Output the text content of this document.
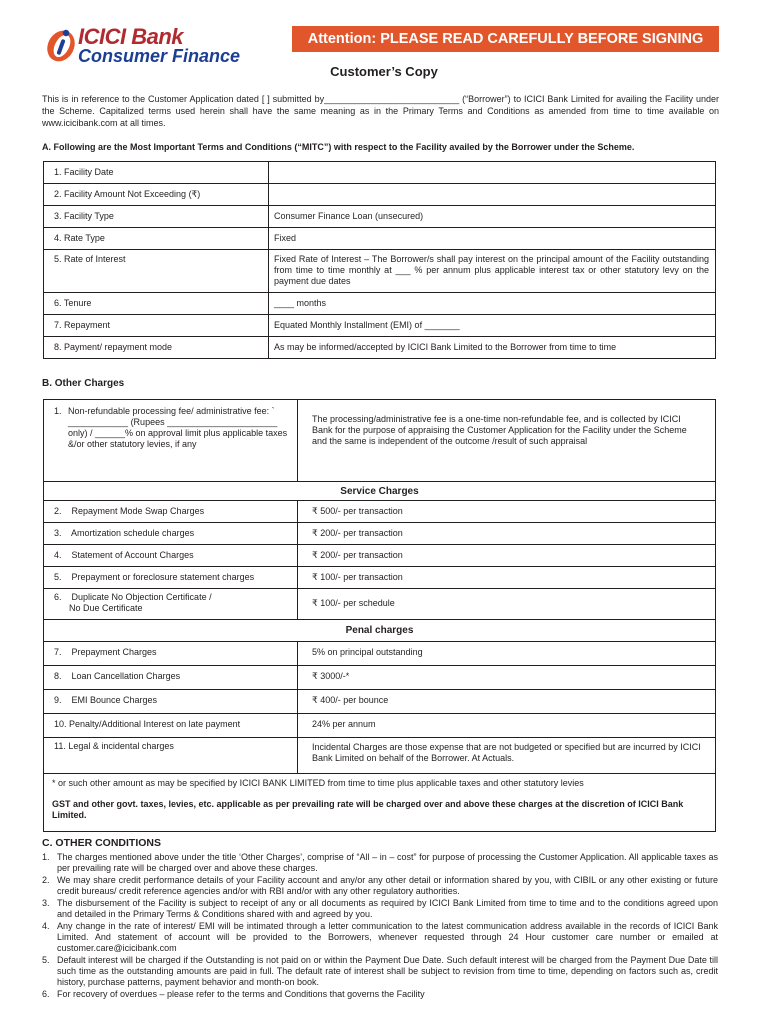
ICICI Bank
Consumer Finance
Attention: PLEASE READ CAREFULLY BEFORE SIGNING
Customer’s Copy
This is in reference to the Customer Application dated [ ] submitted by___________________________ (“Borrower”) to ICICI Bank Limited for availing the Facility under the Scheme. Capitalized terms used herein shall have the same meaning as in the Primary Terms and Conditions as amended from time to time available on www.icicibank.com at all times.
A. Following are the Most Important Terms and Conditions (“MITC”) with respect to the Facility availed by the Borrower under the Scheme.
1. Facility Date	
2. Facility Amount Not Exceeding (₹)	
3. Facility Type	Consumer Finance Loan (unsecured)
4. Rate Type	Fixed
5. Rate of Interest	Fixed Rate of Interest – The Borrower/s shall pay interest on the principal amount of the Facility outstanding from time to time monthly at ___ % per annum plus applicable interest tax or other statutory levy on the payment due dates
6. Tenure	____ months
7. Repayment	Equated Monthly Installment (EMI) of _______
8. Payment/ repayment mode	As may be informed/accepted by ICICI Bank Limited to the Borrower from time to time
B. Other Charges
1. Non-refundable processing fee/ administrative fee: ` ____________ (Rupees ______________________ only) / ______% on approval limit plus applicable taxes &/or other statutory levies, if any	The processing/administrative fee is a one-time non-refundable fee, and is collected by ICICI Bank for the purpose of appraising the Customer Application for the Facility under the Scheme and the same is independent of the outcome /result of such appraisal
Service Charges	
2.    Repayment Mode Swap Charges	₹ 500/- per transaction
3.    Amortization schedule charges	₹ 200/- per transaction
4.    Statement of Account Charges	₹ 200/- per transaction
5.    Prepayment or foreclosure statement charges	₹ 100/- per transaction
6.    Duplicate No Objection Certificate /
No Due Certificate	₹ 100/- per schedule
Penal charges	
7.    Prepayment Charges	5% on principal outstanding
8.    Loan Cancellation Charges	₹ 3000/-*
9.    EMI Bounce Charges	₹ 400/- per bounce
10. Penalty/Additional Interest on late payment	24% per annum
11. Legal & incidental charges	Incidental Charges are those expense that are not budgeted or specified but are incurred by ICICI Bank Limited on behalf of the Borrower. At Actuals.

* or such other amount as may be specified by ICICI BANK LIMITED from time to time plus applicable taxes and other statutory levies
GST and other govt. taxes, levies, etc. applicable as per prevailing rate will be charged over and above these charges at the discretion of ICICI Bank Limited.	
C. OTHER CONDITIONS
1. The charges mentioned above under the title ‘Other Charges’, comprise of “All – in – cost” for purpose of processing the Customer Application. All applicable taxes as per prevailing rate will be charged over and above these charges.
2. We may share credit performance details of your Facility account and any/or any other detail or information shared by you, with CIBIL or any other existing or future credit bureaus/ credit reference agencies and/or with RBI and/or with any other regulatory authorities.
3. The disbursement of the Facility is subject to receipt of any or all documents as required by ICICI Bank Limited from time to time and to the conditions agreed upon and detailed in the Primary Terms & Conditions shared with and agreed by you.
4. Any change in the rate of interest/ EMI will be intimated through a letter communication to the latest communication address available in the records of ICICI Bank Limited. And statement of account will be provided to the Borrowers, whenever requested through 24 Hour customer care number or emailed at customer.care@icicibank.com
5. Default interest will be charged if the Outstanding is not paid on or within the Payment Due Date. Such default interest will be charged from the Payment Due Date till such time as the outstanding amounts are paid in full. The default rate of interest shall be subject to revision from time to time, depending on factors such as, credit history, purchase patterns, payment behavior and month-on book.
6. For recovery of overdues – please refer to the terms and Conditions that governs the Facility
